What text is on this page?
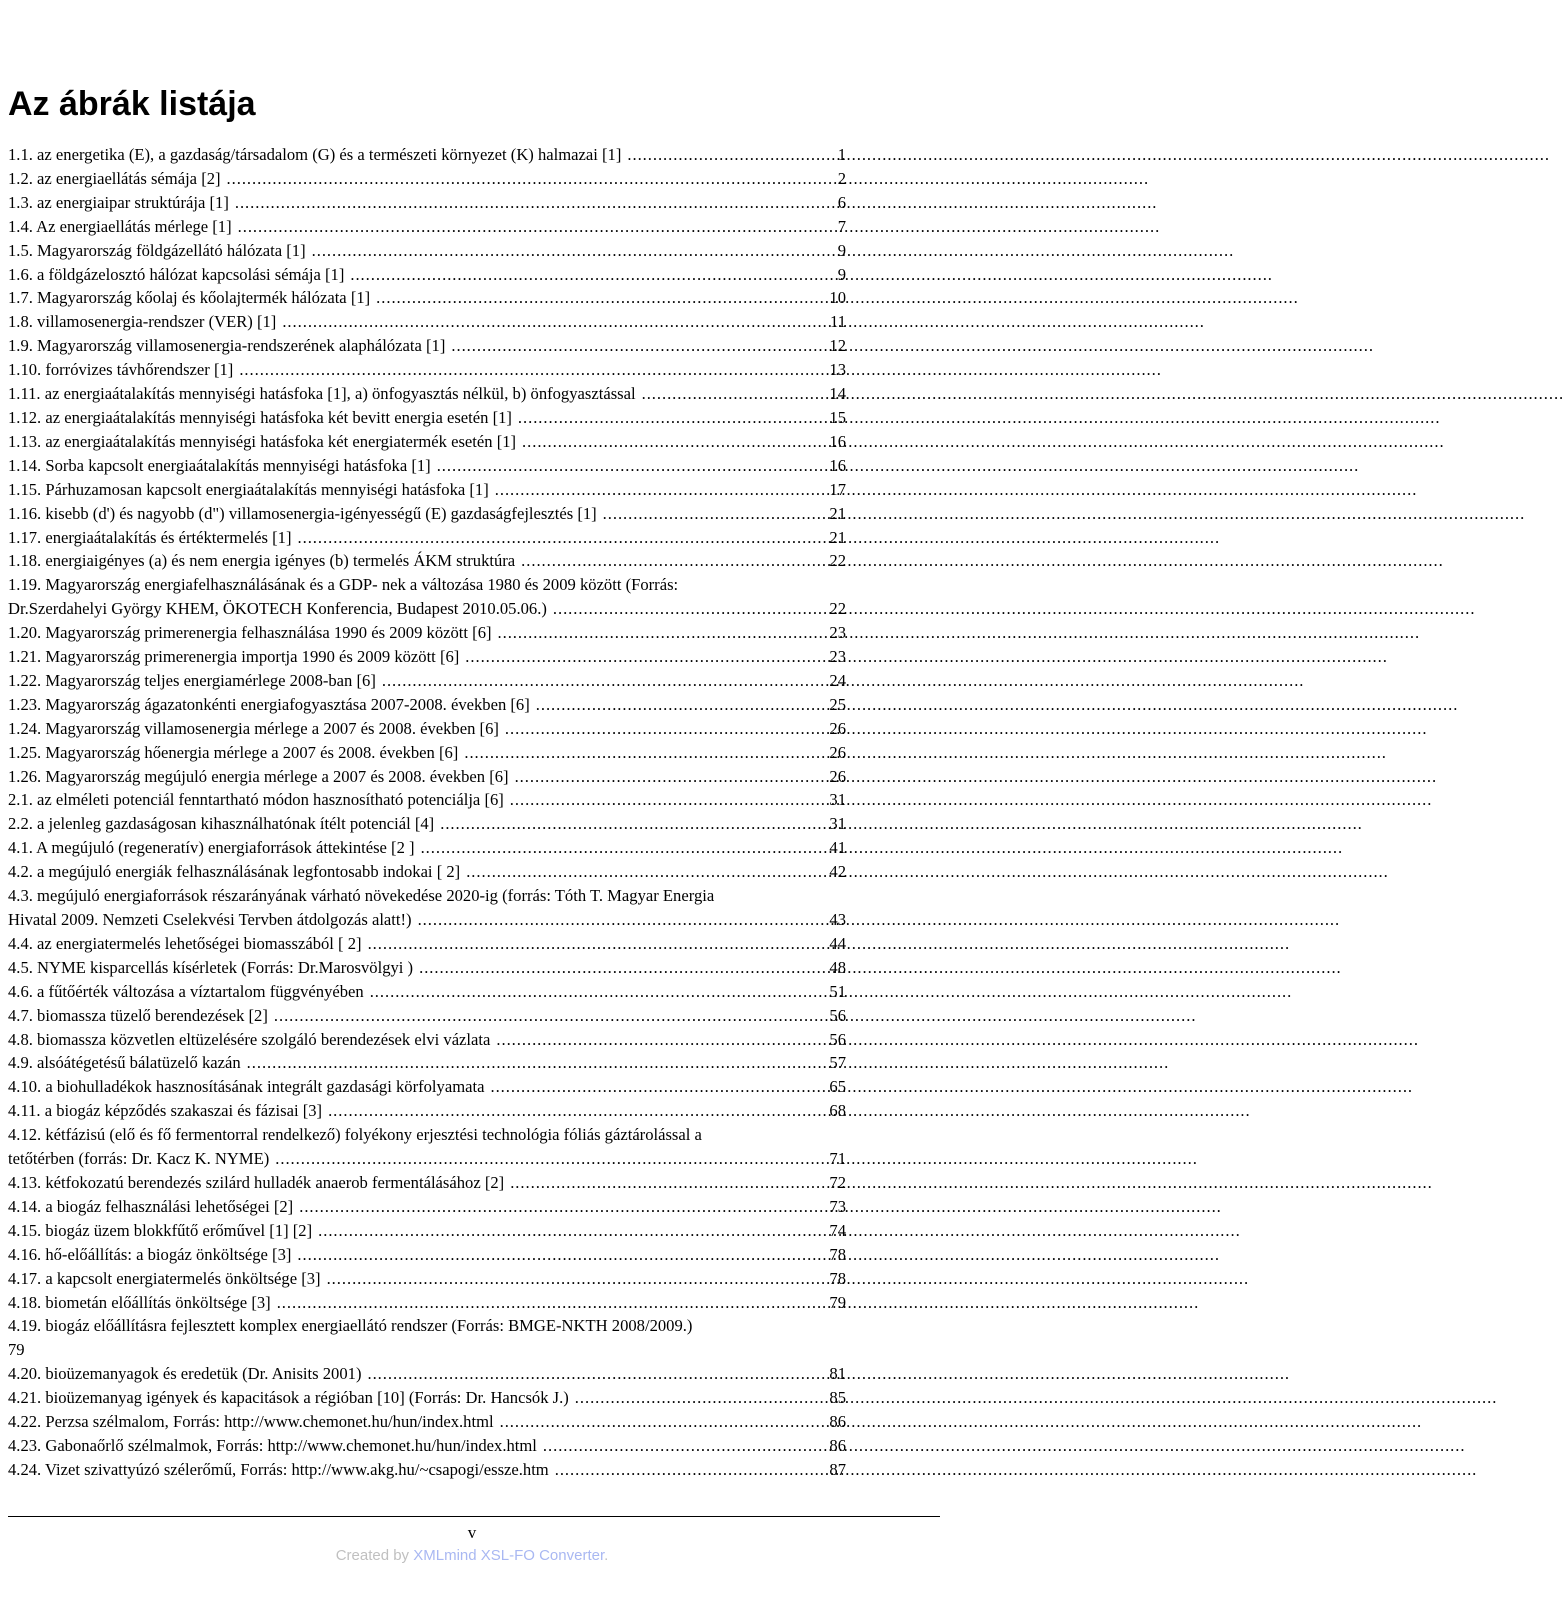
Az ábrák listája
1.1. az energetika (E), a gazdaság/társadalom (G) és a természeti környezet (K) halmazai [1] . . .	1
1.2. az energiaellátás sémája [2] . . .	2
1.3. az energiaipar struktúrája [1] . . .	6
1.4. Az energiaellátás mérlege [1] . . .	7
1.5. Magyarország földgázellátó hálózata [1] . . .	9
1.6. a földgázelosztó hálózat kapcsolási sémája [1] . . .	9
1.7. Magyarország kőolaj és kőolajtermék hálózata [1] . . .	10
1.8. villamosenergia-rendszer (VER) [1] . . .	11
1.9. Magyarország villamosenergia-rendszerének alaphálózata [1] . . .	12
1.10. forróvizes távhőrendszer [1] . . .	13
1.11. az energiaátalakítás mennyiségi hatásfoka [1], a) önfogyasztás nélkül, b) önfogyasztással . . .	14
1.12. az energiaátalakítás mennyiségi hatásfoka két bevitt energia esetén [1] . . .	15
1.13. az energiaátalakítás mennyiségi hatásfoka két energiatermék esetén [1] . . .	16
1.14. Sorba kapcsolt energiaátalakítás mennyiségi hatásfoka [1] . . .	16
1.15. Párhuzamosan kapcsolt energiaátalakítás mennyiségi hatásfoka [1] . . .	17
1.16. kisebb (d') és nagyobb (d") villamosenergia-igényességű (E) gazdaságfejlesztés [1] . . .	21
1.17. energiaátalakítás és értéktermelés [1] . . .	21
1.18. energiaigényes (a) és nem energia igényes (b) termelés ÁKM struktúra . . .	22
1.19. Magyarország energiafelhasználásának és a GDP- nek a változása 1980 és 2009 között (Forrás:
Dr.Szerdahelyi György KHEM, ÖKOTECH Konferencia, Budapest 2010.05.06.) . . .	22
1.20. Magyarország primerenergia felhasználása 1990 és 2009 között [6] . . .	23
1.21. Magyarország primerenergia importja 1990 és 2009 között [6] . . .	23
1.22. Magyarország teljes energiamérlege 2008-ban [6] . . .	24
1.23. Magyarország ágazatonkénti energiafogyasztása 2007-2008. években [6] . . .	25
1.24. Magyarország villamosenergia mérlege a 2007 és 2008. években [6] . . .	26
1.25. Magyarország hőenergia mérlege a 2007 és 2008. években [6] . . .	26
1.26. Magyarország megújuló energia mérlege a 2007 és 2008. években [6] . . .	26
2.1. az elméleti potenciál fenntartható módon hasznosítható potenciálja [6] . . .	31
2.2. a jelenleg gazdaságosan kihasználhatónak ítélt potenciál [4] . . .	31
4.1. A megújuló (regeneratív) energiaforrások áttekintése [2 ] . . .	41
4.2. a megújuló energiák felhasználásának legfontosabb indokai [ 2] . . .	42
4.3. megújuló energiaforrások részarányának várható növekedése 2020-ig (forrás: Tóth T. Magyar Energia
Hivatal 2009. Nemzeti Cselekvési Tervben átdolgozás alatt!) . . .	43
4.4. az energiatermelés lehetőségei biomasszából [ 2] . . .	44
4.5. NYME kisparcellás kísérletek (Forrás: Dr.Marosvölgyi ) . . .	48
4.6. a fűtőérték változása a víztartalom függvényében . . .	51
4.7. biomassza tüzelő berendezések [2] . . .	56
4.8. biomassza közvetlen eltüzelésére szolgáló berendezések elvi vázlata . . .	56
4.9. alsóátégetésű bálatüzelő kazán . . .	57
4.10. a biohulladékok hasznosításának integrált gazdasági körfolyamata . . .	65
4.11. a biogáz képződés szakaszai és fázisai [3] . . .	68
4.12. kétfázisú (elő és fő fermentorral rendelkező) folyékony erjesztési technológia fóliás gáztárolással a
tetőtérben (forrás: Dr. Kacz K. NYME) . . .	71
4.13. kétfokozatú berendezés szilárd hulladék anaerob fermentálásához [2] . . .	72
4.14. a biogáz felhasználási lehetőségei [2] . . .	73
4.15. biogáz üzem blokkfűtő erőművel [1] [2] . . .	74
4.16. hő-előállítás: a biogáz önköltsége [3] . . .	78
4.17. a kapcsolt energiatermelés önköltsége [3] . . .	78
4.18. biometán előállítás önköltsége [3] . . .	79
4.19. biogáz előállításra fejlesztett komplex energiaellátó rendszer (Forrás: BMGE-NKTH 2008/2009.)
79
4.20. bioüzemanyagok és eredetük (Dr. Anisits 2001) . . .	81
4.21. bioüzemanyag igények és kapacitások a régióban [10] (Forrás: Dr. Hancsók J.) . . .	85
4.22. Perzsa szélmalom, Forrás: http://www.chemonet.hu/hun/index.html . . .	86
4.23. Gabonaőrlő szélmalmok, Forrás: http://www.chemonet.hu/hun/index.html . . .	86
4.24. Vizet szivattyúzó szélerőmű, Forrás: http://www.akg.hu/~csapogi/essze.htm . . .	87
v
Created by XMLmind XSL-FO Converter.
